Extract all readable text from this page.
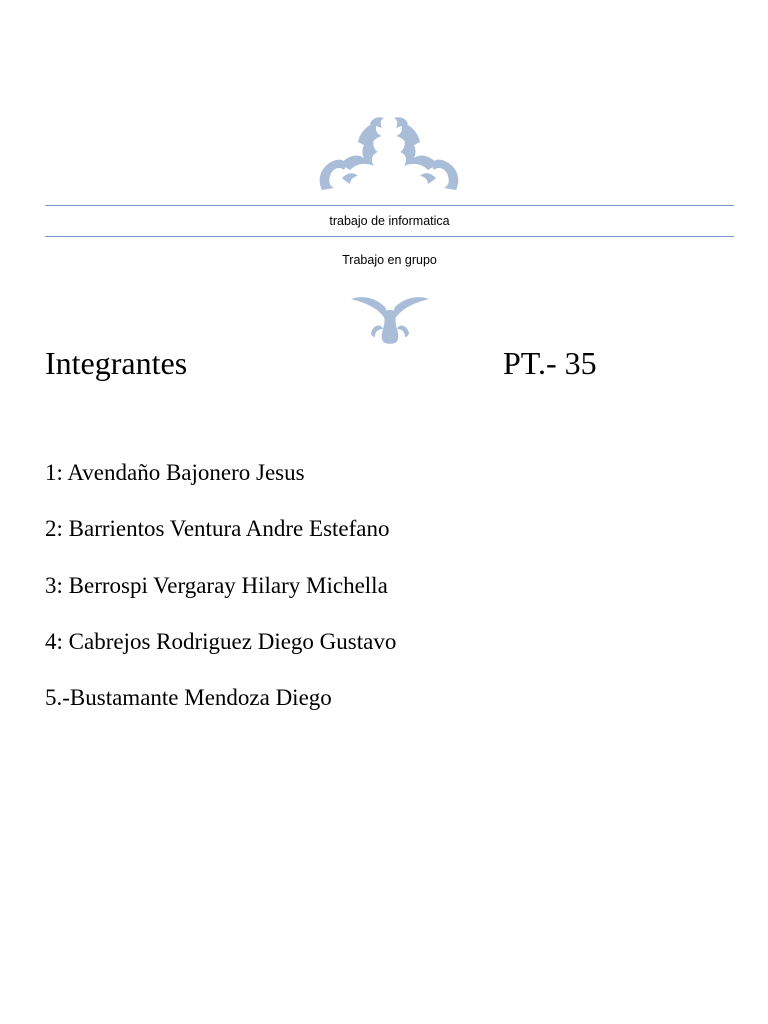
trabajo de informatica
Trabajo en grupo
Integrantes	PT.- 35
1: Avendaño Bajonero Jesus
2: Barrientos Ventura Andre Estefano
3: Berrospi Vergaray Hilary Michella
4: Cabrejos Rodriguez Diego Gustavo
5.-Bustamante Mendoza Diego
